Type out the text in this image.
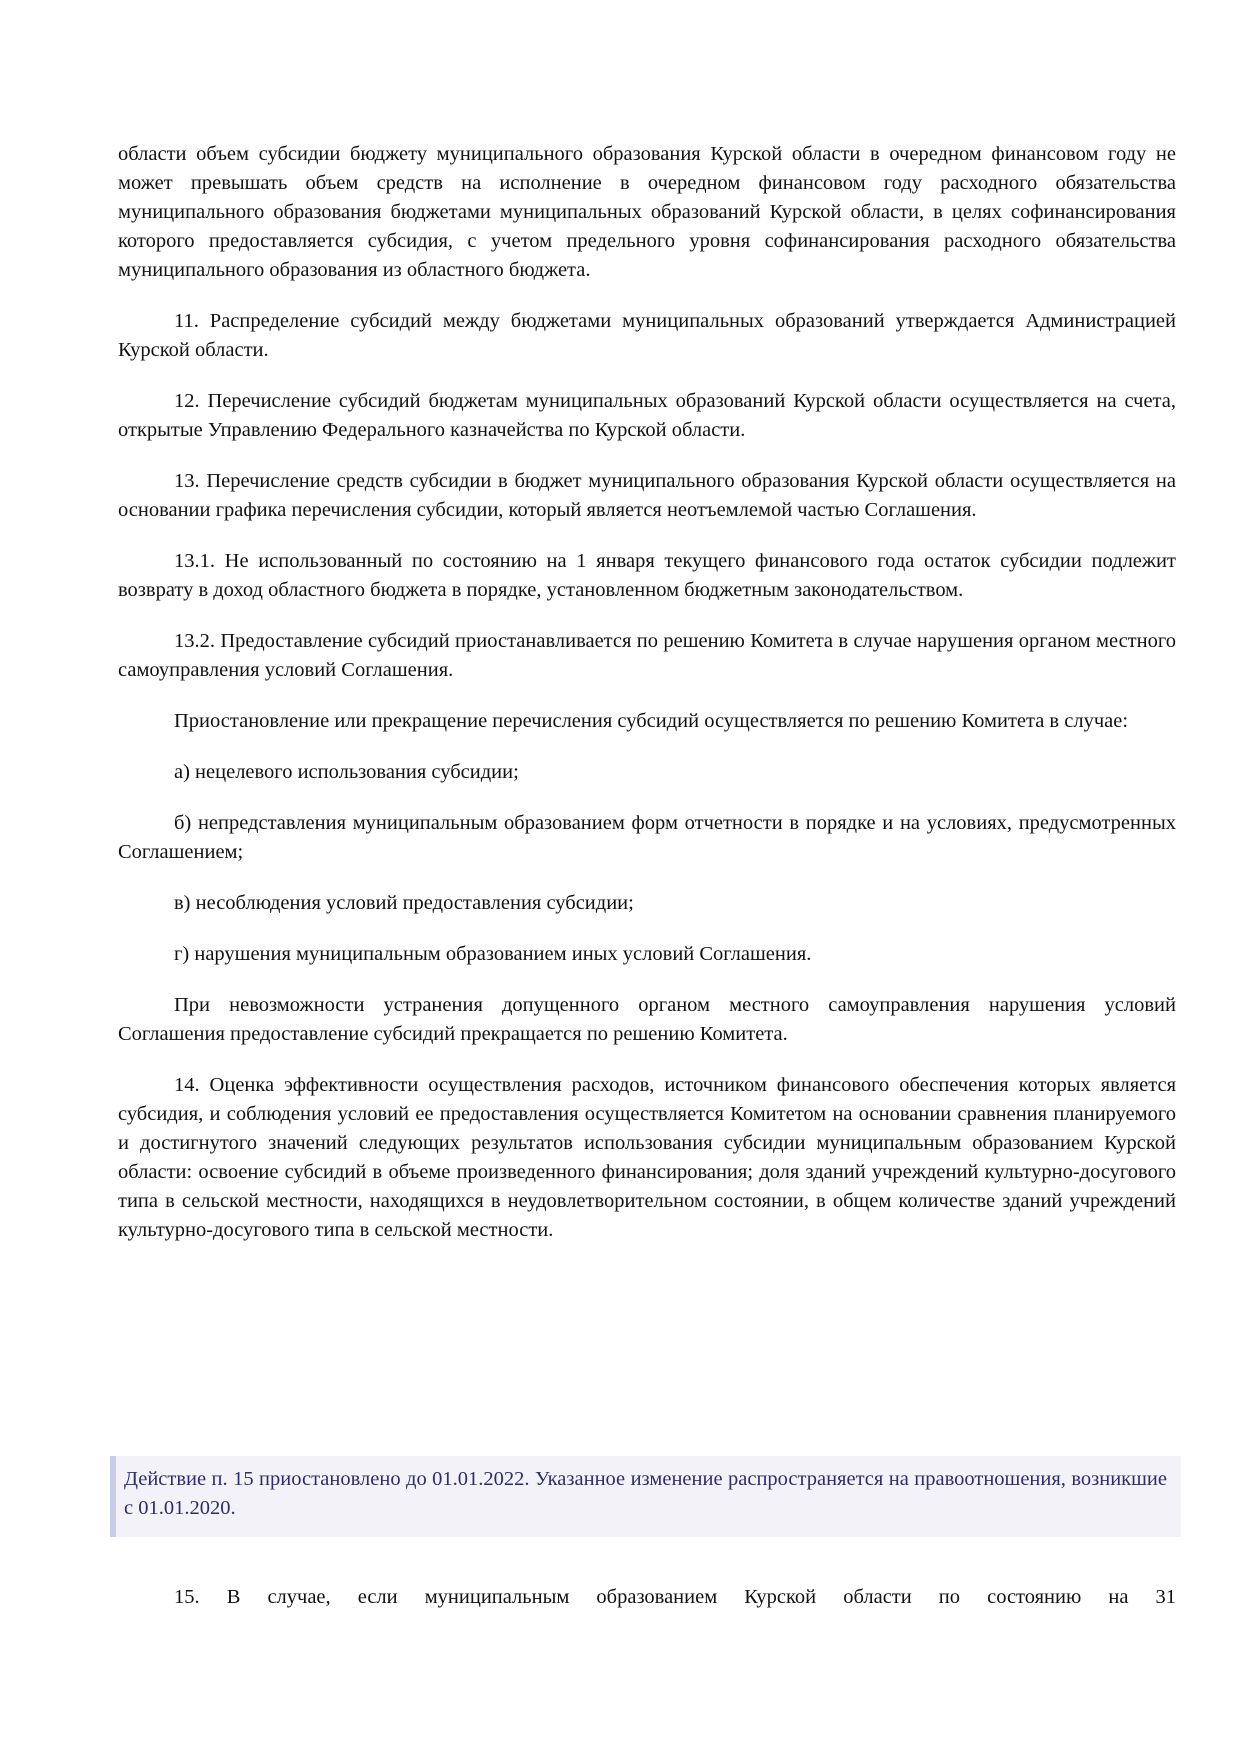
области объем субсидии бюджету муниципального образования Курской области в очередном финансовом году не может превышать объем средств на исполнение в очередном финансовом году расходного обязательства муниципального образования бюджетами муниципальных образований Курской области, в целях софинансирования которого предоставляется субсидия, с учетом предельного уровня софинансирования расходного обязательства муниципального образования из областного бюджета.

11. Распределение субсидий между бюджетами муниципальных образований утверждается Администрацией Курской области.

12. Перечисление субсидий бюджетам муниципальных образований Курской области осуществляется на счета, открытые Управлению Федерального казначейства по Курской области.

13. Перечисление средств субсидии в бюджет муниципального образования Курской области осуществляется на основании графика перечисления субсидии, который является неотъемлемой частью Соглашения.

13.1. Не использованный по состоянию на 1 января текущего финансового года остаток субсидии подлежит возврату в доход областного бюджета в порядке, установленном бюджетным законодательством.

13.2. Предоставление субсидий приостанавливается по решению Комитета в случае нарушения органом местного самоуправления условий Соглашения.

Приостановление или прекращение перечисления субсидий осуществляется по решению Комитета в случае:

а) нецелевого использования субсидии;

б) непредставления муниципальным образованием форм отчетности в порядке и на условиях, предусмотренных Соглашением;

в) несоблюдения условий предоставления субсидии;

г) нарушения муниципальным образованием иных условий Соглашения.

При невозможности устранения допущенного органом местного самоуправления нарушения условий Соглашения предоставление субсидий прекращается по решению Комитета.

14. Оценка эффективности осуществления расходов, источником финансового обеспечения которых является субсидия, и соблюдения условий ее предоставления осуществляется Комитетом на основании сравнения планируемого и достигнутого значений следующих результатов использования субсидии муниципальным образованием Курской области: освоение субсидий в объеме произведенного финансирования; доля зданий учреждений культурно-досугового типа в сельской местности, находящихся в неудовлетворительном состоянии, в общем количестве зданий учреждений культурно-досугового типа в сельской местности.

Действие п. 15 приостановлено до 01.01.2022. Указанное изменение распространяется на правоотношения, возникшие с 01.01.2020.

15. В случае, если муниципальным образованием Курской области по состоянию на 31
